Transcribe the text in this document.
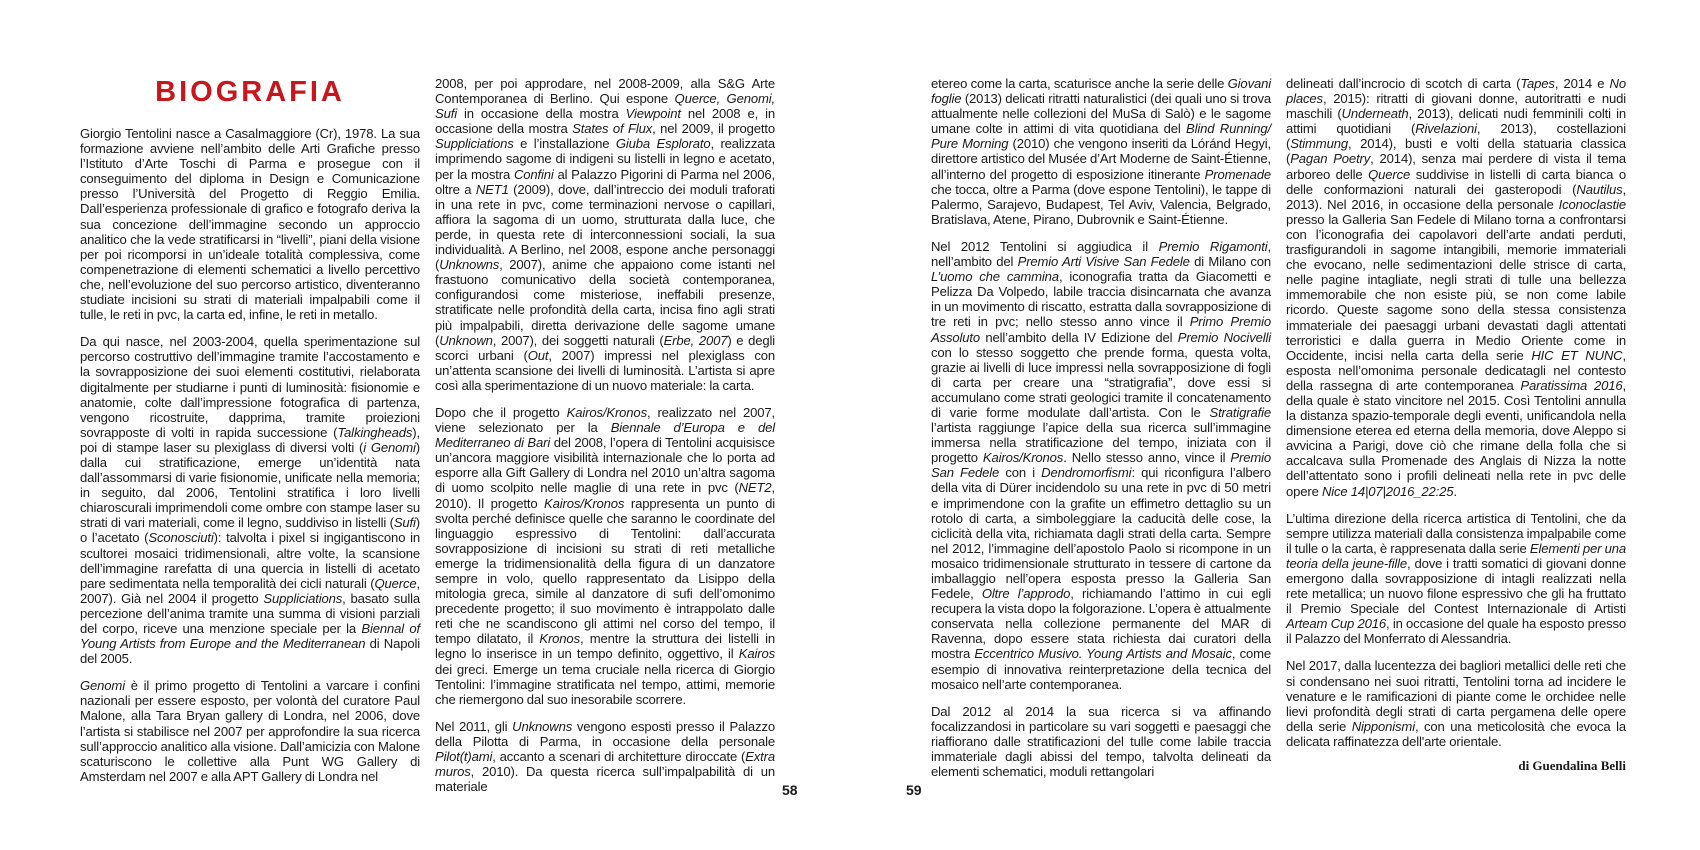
BIOGRAFIA

Giorgio Tentolini nasce a Casalmaggiore (Cr), 1978. La sua formazione avviene nell’ambito delle Arti Grafiche presso l’Istituto d’Arte Toschi di Parma e prosegue con il conseguimento del diploma in Design e Comunicazione presso l’Università del Progetto di Reggio Emilia. Dall’esperienza professionale di grafico e fotografo deriva la sua concezione dell’immagine secondo un approccio analitico che la vede stratificarsi in “livelli”, piani della visione per poi ricomporsi in un’ideale totalità complessiva, come compenetrazione di elementi schematici a livello percettivo che, nell’evoluzione del suo percorso artistico, diventeranno studiate incisioni su strati di materiali impalpabili come il tulle, le reti in pvc, la carta ed, infine, le reti in metallo.

Da qui nasce, nel 2003-2004, quella sperimentazione sul percorso costruttivo dell’immagine tramite l’accostamento e la sovrapposizione dei suoi elementi costitutivi, rielaborata digitalmente per studiarne i punti di luminosità: fisionomie e anatomie, colte dall’impressione fotografica di partenza, vengono ricostruite, dapprima, tramite proiezioni sovrapposte di volti in rapida successione (Talkingheads), poi di stampe laser su plexiglass di diversi volti (i Genomi) dalla cui stratificazione, emerge un’identità nata dall’assommarsi di varie fisionomie, unificate nella memoria; in seguito, dal 2006, Tentolini stratifica i loro livelli chiaroscurali imprimendoli come ombre con stampe laser su strati di vari materiali, come il legno, suddiviso in listelli (Sufi) o l’acetato (Sconosciuti): talvolta i pixel si ingigantiscono in scultorei mosaici tridimensionali, altre volte, la scansione dell’immagine rarefatta di una quercia in listelli di acetato pare sedimentata nella temporalità dei cicli naturali (Querce, 2007). Già nel 2004 il progetto Suppliciations, basato sulla percezione dell’anima tramite una summa di visioni parziali del corpo, riceve una menzione speciale per la Biennal of Young Artists from Europe and the Mediterranean di Napoli del 2005.

Genomi è il primo progetto di Tentolini a varcare i confini nazionali per essere esposto, per volontà del curatore Paul Malone, alla Tara Bryan gallery di Londra, nel 2006, dove l’artista si stabilisce nel 2007 per approfondire la sua ricerca sull’approccio analitico alla visione. Dall’amicizia con Malone scaturiscono le collettive alla Punt WG Gallery di Amsterdam nel 2007 e alla APT Gallery di Londra nel

2008, per poi approdare, nel 2008-2009, alla S&G Arte Contemporanea di Berlino. Qui espone Querce, Genomi, Sufi in occasione della mostra Viewpoint nel 2008 e, in occasione della mostra States of Flux, nel 2009, il progetto Suppliciations e l’installazione Giuba Esplorato, realizzata imprimendo sagome di indigeni su listelli in legno e acetato, per la mostra Confini al Palazzo Pigorini di Parma nel 2006, oltre a NET1 (2009), dove, dall’intreccio dei moduli traforati in una rete in pvc, come terminazioni nervose o capillari, affiora la sagoma di un uomo, strutturata dalla luce, che perde, in questa rete di interconnessioni sociali, la sua individualità. A Berlino, nel 2008, espone anche personaggi (Unknowns, 2007), anime che appaiono come istanti nel frastuono comunicativo della società contemporanea, configurandosi come misteriose, ineffabili presenze, stratificate nelle profondità della carta, incisa fino agli strati più impalpabili, diretta derivazione delle sagome umane (Unknown, 2007), dei soggetti naturali (Erbe, 2007) e degli scorci urbani (Out, 2007) impressi nel plexiglass con un’attenta scansione dei livelli di luminosità. L’artista si apre così alla sperimentazione di un nuovo materiale: la carta.

Dopo che il progetto Kairos/Kronos, realizzato nel 2007, viene selezionato per la Biennale d’Europa e del Mediterraneo di Bari del 2008, l’opera di Tentolini acquisisce un’ancora maggiore visibilità internazionale che lo porta ad esporre alla Gift Gallery di Londra nel 2010 un’altra sagoma di uomo scolpito nelle maglie di una rete in pvc (NET2, 2010). Il progetto Kairos/Kronos rappresenta un punto di svolta perché definisce quelle che saranno le coordinate del linguaggio espressivo di Tentolini: dall’accurata sovrapposizione di incisioni su strati di reti metalliche emerge la tridimensionalità della figura di un danzatore sempre in volo, quello rappresentato da Lisippo della mitologia greca, simile al danzatore di sufi dell’omonimo precedente progetto; il suo movimento è intrappolato dalle reti che ne scandiscono gli attimi nel corso del tempo, il tempo dilatato, il Kronos, mentre la struttura dei listelli in legno lo inserisce in un tempo definito, oggettivo, il Kairos dei greci. Emerge un tema cruciale nella ricerca di Giorgio Tentolini: l’immagine stratificata nel tempo, attimi, memorie che riemergono dal suo inesorabile scorrere.

Nel 2011, gli Unknowns vengono esposti presso il Palazzo della Pilotta di Parma, in occasione della personale Pilot(t)ami, accanto a scenari di architetture diroccate (Extra muros, 2010). Da questa ricerca sull’impalpabilità di un materiale

etereo come la carta, scaturisce anche la serie delle Giovani foglie (2013) delicati ritratti naturalistici (dei quali uno si trova attualmente nelle collezioni del MuSa di Salò) e le sagome umane colte in attimi di vita quotidiana del Blind Running/ Pure Morning (2010) che vengono inseriti da Lóránd Hegyi, direttore artistico del Musée d’Art Moderne de Saint-Étienne, all’interno del progetto di esposizione itinerante Promenade che tocca, oltre a Parma (dove espone Tentolini), le tappe di Palermo, Sarajevo, Budapest, Tel Aviv, Valencia, Belgrado, Bratislava, Atene, Pirano, Dubrovnik e Saint-Étienne.

Nel 2012 Tentolini si aggiudica il Premio Rigamonti, nell’ambito del Premio Arti Visive San Fedele di Milano con L’uomo che cammina, iconografia tratta da Giacometti e Pelizza Da Volpedo, labile traccia disincarnata che avanza in un movimento di riscatto, estratta dalla sovrapposizione di tre reti in pvc; nello stesso anno vince il Primo Premio Assoluto nell’ambito della IV Edizione del Premio Nocivelli con lo stesso soggetto che prende forma, questa volta, grazie ai livelli di luce impressi nella sovrapposizione di fogli di carta per creare una “stratigrafia”, dove essi si accumulano come strati geologici tramite il concatenamento di varie forme modulate dall’artista. Con le Stratigrafie l’artista raggiunge l’apice della sua ricerca sull’immagine immersa nella stratificazione del tempo, iniziata con il progetto Kairos/Kronos. Nello stesso anno, vince il Premio San Fedele con i Dendromorfismi: qui riconfigura l’albero della vita di Dürer incidendolo su una rete in pvc di 50 metri e imprimendone con la grafite un effimetro dettaglio su un rotolo di carta, a simboleggiare la caducità delle cose, la ciclicità della vita, richiamata dagli strati della carta. Sempre nel 2012, l’immagine dell’apostolo Paolo si ricompone in un mosaico tridimensionale strutturato in tessere di cartone da imballaggio nell’opera esposta presso la Galleria San Fedele, Oltre l’approdo, richiamando l’attimo in cui egli recupera la vista dopo la folgorazione. L’opera è attualmente conservata nella collezione permanente del MAR di Ravenna, dopo essere stata richiesta dai curatori della mostra Eccentrico Musivo. Young Artists and Mosaic, come esempio di innovativa reinterpretazione della tecnica del mosaico nell’arte contemporanea.

Dal 2012 al 2014 la sua ricerca si va affinando focalizzandosi in particolare su vari soggetti e paesaggi che riaffiorano dalle stratificazioni del tulle come labile traccia immateriale dagli abissi del tempo, talvolta delineati da elementi schematici, moduli rettangolari

delineati dall’incrocio di scotch di carta (Tapes, 2014 e No places, 2015): ritratti di giovani donne, autoritratti e nudi maschili (Underneath, 2013), delicati nudi femminili colti in attimi quotidiani (Rivelazioni, 2013), costellazioni (Stimmung, 2014), busti e volti della statuaria classica (Pagan Poetry, 2014), senza mai perdere di vista il tema arboreo delle Querce suddivise in listelli di carta bianca o delle conformazioni naturali dei gasteropodi (Nautilus, 2013). Nel 2016, in occasione della personale Iconoclastie presso la Galleria San Fedele di Milano torna a confrontarsi con l’iconografia dei capolavori dell’arte andati perduti, trasfigurandoli in sagome intangibili, memorie immateriali che evocano, nelle sedimentazioni delle strisce di carta, nelle pagine intagliate, negli strati di tulle una bellezza immemorabile che non esiste più, se non come labile ricordo. Queste sagome sono della stessa consistenza immateriale dei paesaggi urbani devastati dagli attentati terroristici e dalla guerra in Medio Oriente come in Occidente, incisi nella carta della serie HIC ET NUNC, esposta nell’omonima personale dedicatagli nel contesto della rassegna di arte contemporanea Paratissima 2016, della quale è stato vincitore nel 2015. Così Tentolini annulla la distanza spazio-temporale degli eventi, unificandola nella dimensione eterea ed eterna della memoria, dove Aleppo si avvicina a Parigi, dove ciò che rimane della folla che si accalcava sulla Promenade des Anglais di Nizza la notte dell’attentato sono i profili delineati nella rete in pvc delle opere Nice 14|07|2016_22:25.

L’ultima direzione della ricerca artistica di Tentolini, che da sempre utilizza materiali dalla consistenza impalpabile come il tulle o la carta, è rappresenata dalla serie Elementi per una teoria della jeune-fille, dove i tratti somatici di giovani donne emergono dalla sovrapposizione di intagli realizzati nella rete metallica; un nuovo filone espressivo che gli ha fruttato il Premio Speciale del Contest Internazionale di Artisti Arteam Cup 2016, in occasione del quale ha esposto presso il Palazzo del Monferrato di Alessandria.

Nel 2017, dalla lucentezza dei bagliori metallici delle reti che si condensano nei suoi ritratti, Tentolini torna ad incidere le venature e le ramificazioni di piante come le orchidee nelle lievi profondità degli strati di carta pergamena delle opere della serie Nipponismi, con una meticolosità che evoca la delicata raffinatezza dell'arte orientale.

di Guendalina Belli
58	59
